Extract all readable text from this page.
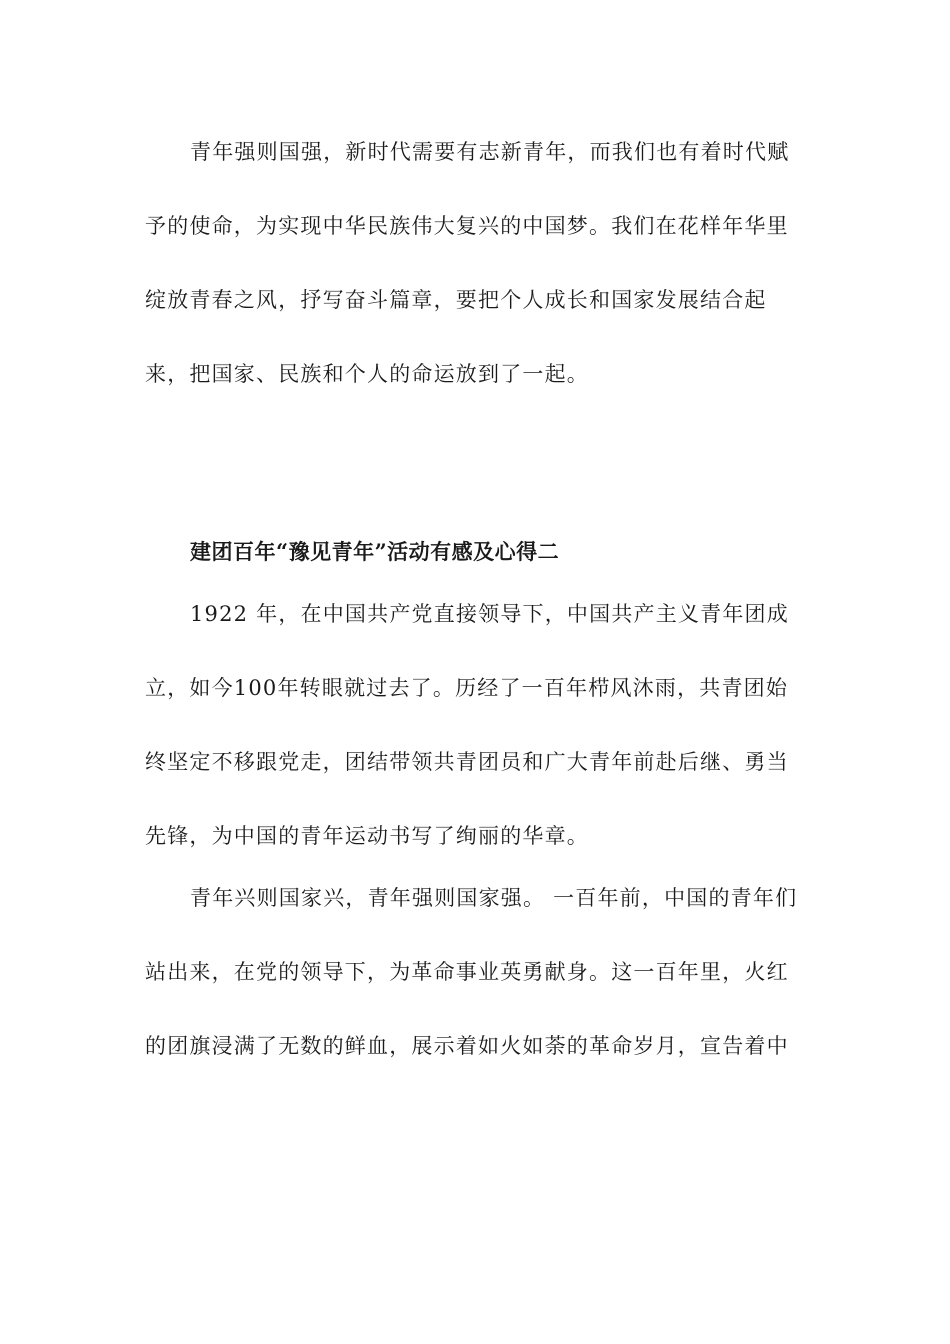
青年强则国强，新时代需要有志新青年，而我们也有着时代赋
予的使命，为实现中华民族伟大复兴的中国梦。我们在花样年华里
绽放青春之风，抒写奋斗篇章，要把个人成长和国家发展结合起
来，把国家、民族和个人的命运放到了一起。
建团百年“豫见青年”活动有感及心得二
1922 年，在中国共产党直接领导下，中国共产主义青年团成
立，如今100年转眼就过去了。历经了一百年栉风沐雨，共青团始
终坚定不移跟党走，团结带领共青团员和广大青年前赴后继、勇当
先锋，为中国的青年运动书写了绚丽的华章。
青年兴则国家兴，青年强则国家强。 一百年前，中国的青年们
站出来，在党的领导下，为革命事业英勇献身。这一百年里，火红
的团旗浸满了无数的鲜血，展示着如火如荼的革命岁月，宣告着中
